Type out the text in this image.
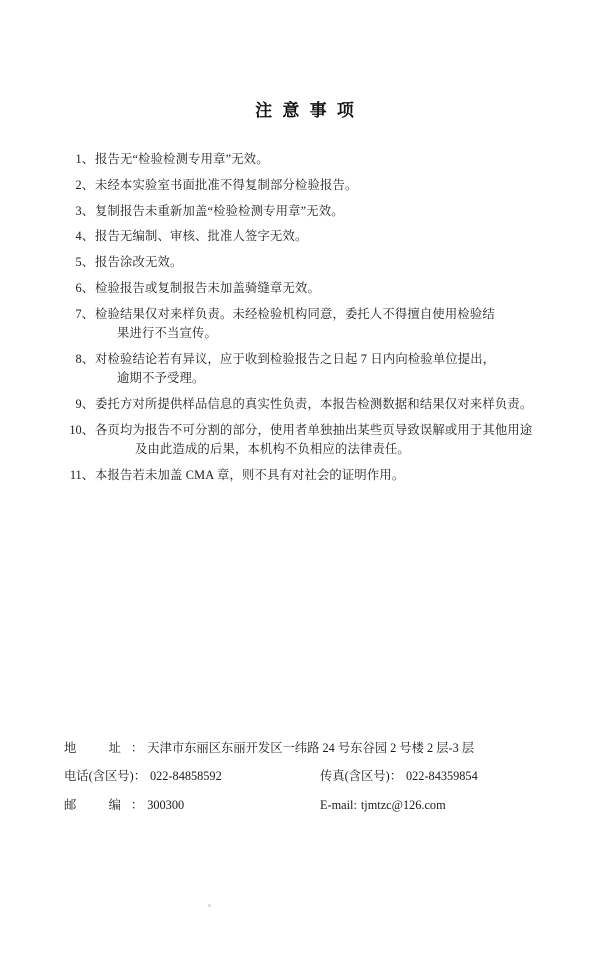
注 意 事 项
1、 报告无“检验检测专用章”无效。
2、 未经本实验室书面批准不得复制部分检验报告。
3、 复制报告未重新加盖“检验检测专用章”无效。
4、 报告无编制、审核、批准人签字无效。
5、 报告涂改无效。
6、 检验报告或复制报告未加盖骑缝章无效。
7、 检验结果仅对来样负责。未经检验机构同意，委托人不得擅自使用检验结
果进行不当宣传。
8、 对检验结论若有异议，应于收到检验报告之日起 7 日内向检验单位提出，
逾期不予受理。
9、 委托方对所提供样品信息的真实性负责，本报告检测数据和结果仅对来样负责。
10、 各页均为报告不可分割的部分，使用者单独抽出某些页导致误解或用于其他用途
及由此造成的后果，本机构不负相应的法律责任。
11、 本报告若未加盖 CMA 章，则不具有对社会的证明作用。
地　址 ： 天津市东丽区东丽开发区一纬路 24 号东谷园 2 号楼 2 层-3 层
电话(含区号) ： 022-84858592	传真(含区号) ： 022-84359854
邮　编 ： 300300	E-mail : tjmtzc@126.com
